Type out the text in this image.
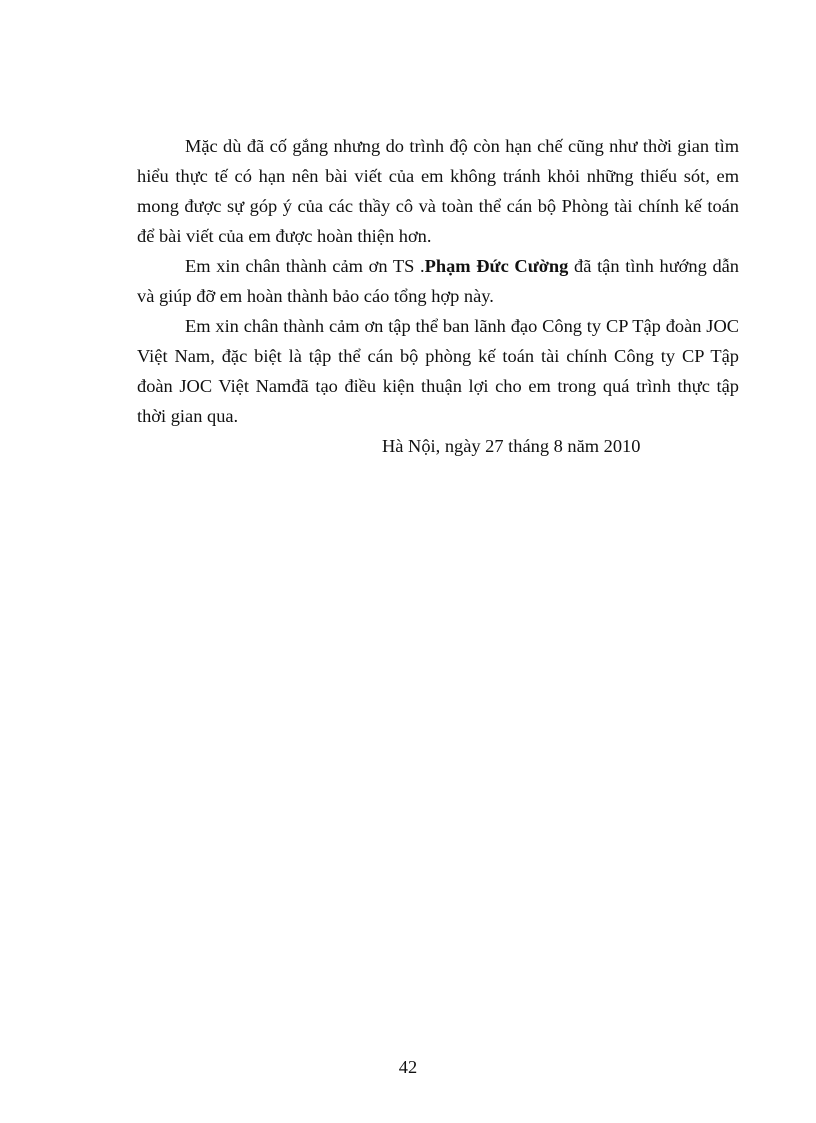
Mặc dù đã cố gắng nhưng do trình độ còn hạn chế cũng như thời gian tìm hiểu thực tế có hạn nên bài viết của em không tránh khỏi những thiếu sót, em mong được sự góp ý của các thầy cô và toàn thể cán bộ Phòng tài chính kế toán để bài viết của em được hoàn thiện hơn.

Em xin chân thành cảm ơn TS .Phạm Đức Cường đã tận tình hướng dẫn và giúp đỡ em hoàn thành bảo cáo tổng hợp này.

Em xin chân thành cảm ơn tập thể ban lãnh đạo Công ty CP Tập đoàn JOC Việt Nam, đặc biệt là tập thể cán bộ phòng kế toán tài chính Công ty CP Tập đoàn JOC Việt Namđã tạo điều kiện thuận lợi cho em trong quá trình thực tập thời gian qua.

Hà Nội, ngày 27 tháng 8 năm 2010

42
